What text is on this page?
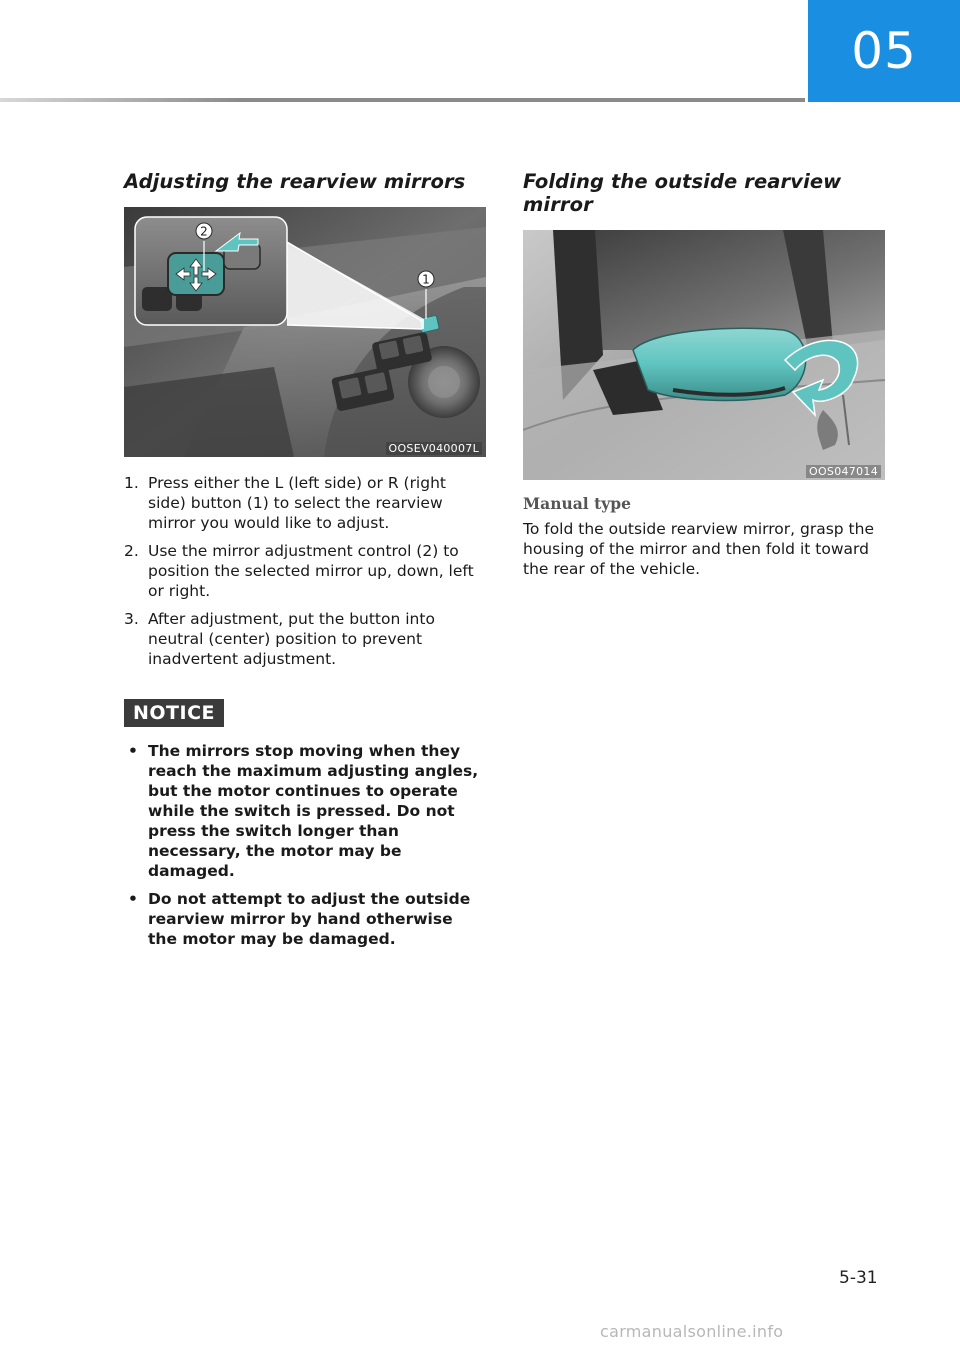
05
Adjusting the rearview mirrors
2
1
OOSEV040007L
1. Press either the L (left side) or R (right side) button (1) to select the rearview mirror you would like to adjust.
2. Use the mirror adjustment control (2) to position the selected mirror up, down, left or right.
3. After adjustment, put the button into neutral (center) position to prevent inadvertent adjustment.
NOTICE
• The mirrors stop moving when they reach the maximum adjusting angles, but the motor continues to operate while the switch is pressed. Do not press the switch longer than necessary, the motor may be damaged.
• Do not attempt to adjust the outside rearview mirror by hand otherwise the motor may be damaged.
Folding the outside rearview mirror
OOS047014

Manual type

To fold the outside rearview mirror, grasp the housing of the mirror and then fold it toward the rear of the vehicle.

5-31
carmanualsonline.info
